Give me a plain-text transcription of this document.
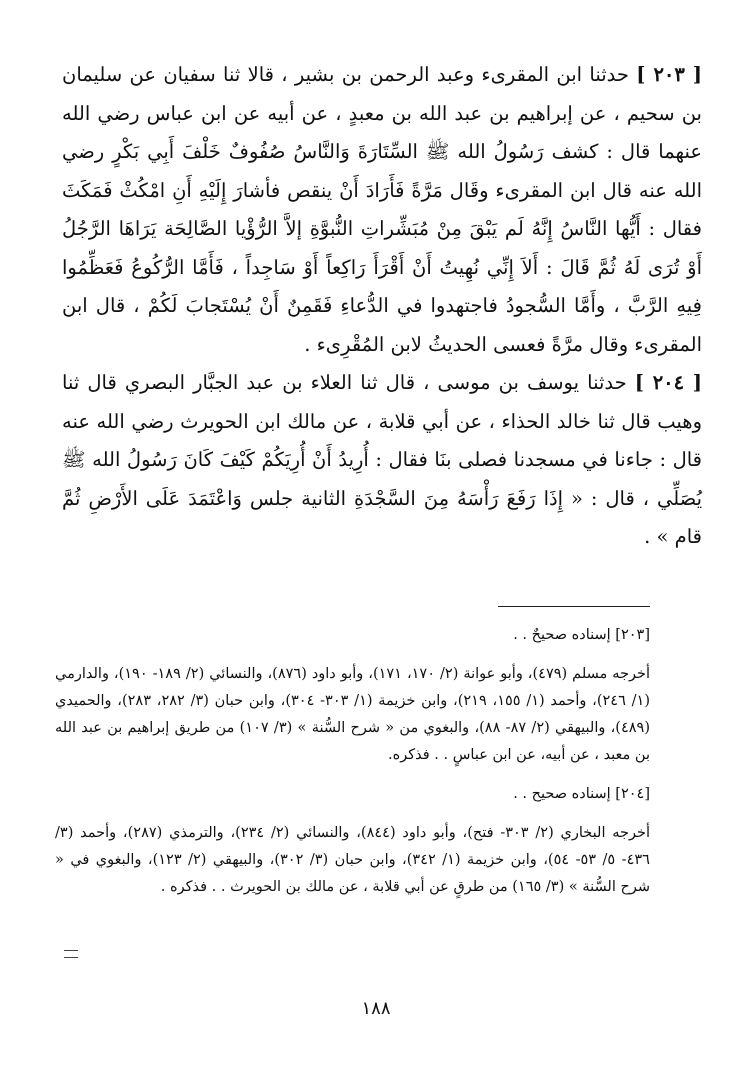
[ ٢٠٣ ] حدثنا ابن المقرىء وعبد الرحمن بن بشير ، قالا ثنا سفيان عن سليمان بن سحيم ، عن إبراهيم بن عبد الله بن معبدٍ ، عن أبيه عن ابن عباس رضي الله عنهما قال : كشف رَسُولُ الله ﷺ السِّتَارَةَ وَالنَّاسُ صُفُوفٌ خَلْفَ أَبِي بَكْرٍ رضي الله عنه قال ابن المقرىء وقَال مَرَّةً فَأَرَادَ أَنْ ينقص فأشارَ إِلَيْهِ أَنِ امْكُثْ فَمَكَثَ فقال : أَيُّها النَّاسُ إِنَّهُ لَم يَبْقَ مِنْ مُبَشِّراتِ النُّبوَّةِ إلاَّ الرُّؤْيا الصَّالِحَة يَرَاهَا الرَّجُلُ أَوْ تُرَى لَهُ ثُمَّ قَالَ : أَلاَ إِنِّي نُهِيتُ أَنْ أَقْرَأَ رَاكِعاً أَوْ سَاجِداً ، فَأَمَّا الرُّكُوعُ فَعَظِّمُوا فِيهِ الرَّبَّ ، وأَمَّا السُّجودُ فاجتهدوا في الدُّعاءِ فَقَمِنٌ أَنْ يُسْتَجابَ لَكُمْ ، قال ابن المقرىء وقال مرَّةً فعسى الحديثُ لابن المُقْرِىء .

[ ٢٠٤ ] حدثنا يوسف بن موسى ، قال ثنا العلاء بن عبد الجبَّار البصري قال ثنا وهيب قال ثنا خالد الحذاء ، عن أبي قلابة ، عن مالك ابن الحويرث رضي الله عنه قال : جاءنا في مسجدنا فصلى بنَا فقال : أُرِيدُ أَنْ أُرِيَكُمْ كَيْفَ كَانَ رَسُولُ الله ﷺ يُصَلِّي ، قال : « إِذَا رَفَعَ رَأْسَهُ مِنَ السَّجْدَةِ الثانية جلس وَاعْتَمَدَ عَلَى الأَرْضِ ثُمَّ قام » .

[٢٠٣] إسناده صحيحٌ . .

أخرجه مسلم (٤٧٩)، وأبو عوانة (٢/ ١٧٠، ١٧١)، وأبو داود (٨٧٦)، والنسائي (٢/ ١٨٩- ١٩٠)، والدارمي (١/ ٢٤٦)، وأحمد (١/ ١٥٥، ٢١٩)، وابن خزيمة (١/ ٣٠٣- ٣٠٤)، وابن حبان (٣/ ٢٨٢، ٢٨٣)، والحميدي (٤٨٩)، والبيهقي (٢/ ٨٧- ٨٨)، والبغوي من « شرح السُّنة » (٣/ ١٠٧) من طريق إبراهيم بن عبد الله بن معبد ، عن أبيه، عن ابن عباسٍ . . فذكره.

[٢٠٤] إسناده صحيح . .

أخرجه البخاري (٢/ ٣٠٣- فتح)، وأبو داود (٨٤٤)، والنسائي (٢/ ٢٣٤)، والترمذي (٢٨٧)، وأحمد (٣/ ٤٣٦- ٥/ ٥٣- ٥٤)، وابن خزيمة (١/ ٣٤٢)، وابن حبان (٣/ ٣٠٢)، والبيهقي (٢/ ١٢٣)، والبغوي في « شرح السُّنة » (٣/ ١٦٥) من طرقٍ عن أبي قلابة ، عن مالك بن الحويرث . . فذكره .

١٨٨
